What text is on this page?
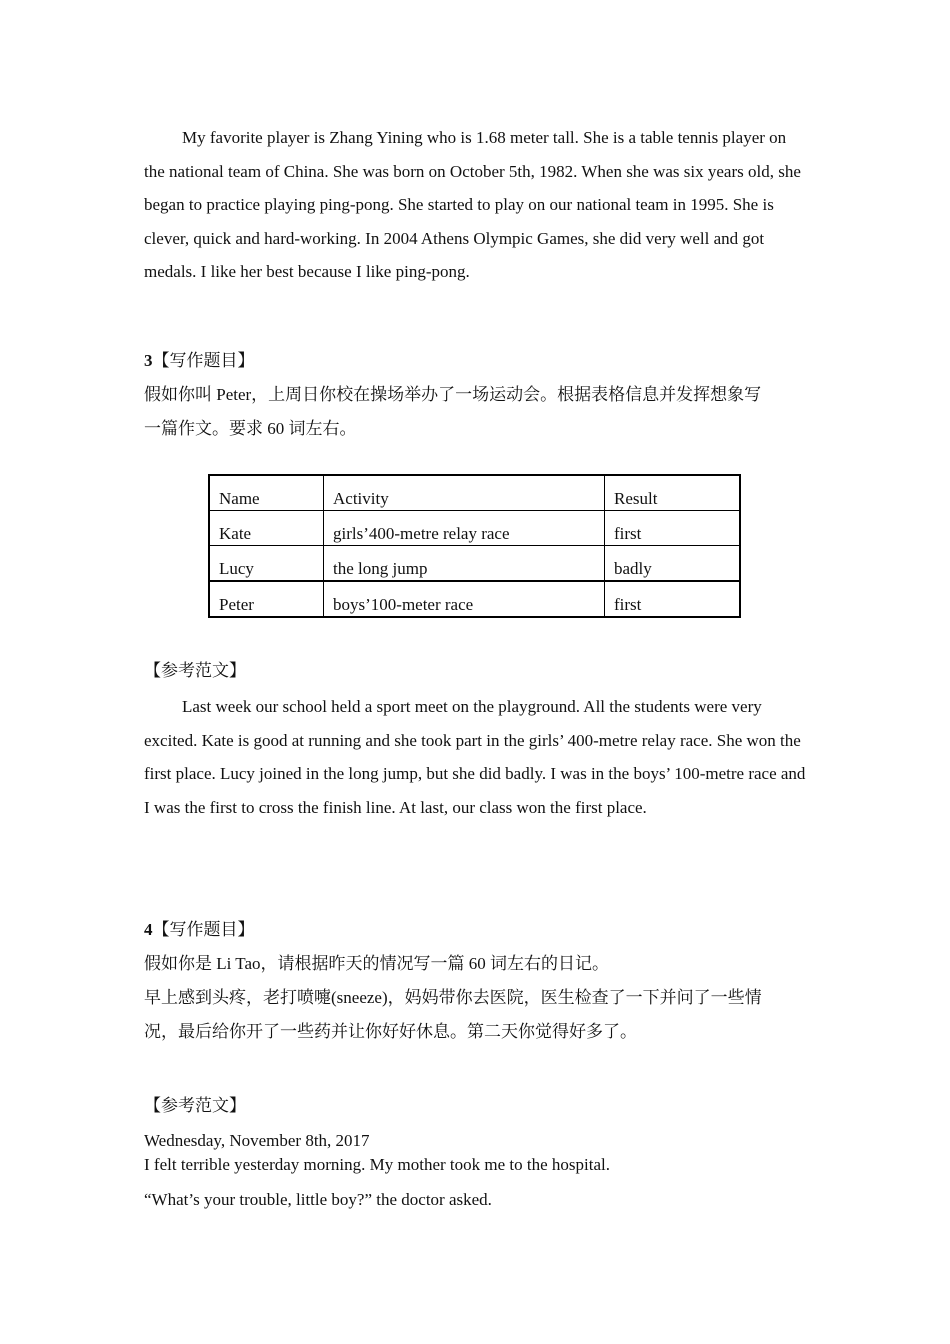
My favorite player is Zhang Yining who is 1.68 meter tall. She is a table tennis player on the national team of China. She was born on October 5th, 1982. When she was six years old, she began to practice playing ping-pong. She started to play on our national team in 1995. She is clever, quick and hard-working. In 2004 Athens Olympic Games, she did very well and got medals. I like her best because I like ping-pong.

3【写作题目】

假如你叫 Peter，上周日你校在操场举办了一场运动会。根据表格信息并发挥想象写

一篇作文。要求 60 词左右。

Name	Activity	Result
Kate	girls’400-metre relay race	first
Lucy	the long jump	badly
Peter	boys’100-meter race	first

【参考范文】

Last week our school held a sport meet on the playground. All the students were very excited. Kate is good at running and she took part in the girls’ 400-metre relay race. She won the first place. Lucy joined in the long jump, but she did badly. I was in the boys’ 100-metre race and I was the first to cross the finish line. At last, our class won the first place.

4【写作题目】

假如你是 Li Tao，请根据昨天的情况写一篇 60 词左右的日记。

早上感到头疼，老打喷嚏(sneeze)，妈妈带你去医院，医生检查了一下并问了一些情

况，最后给你开了一些药并让你好好休息。第二天你觉得好多了。

【参考范文】

Wednesday, November 8th, 2017

I felt terrible yesterday morning. My mother took me to the hospital.

“What’s your trouble, little boy?” the doctor asked.
